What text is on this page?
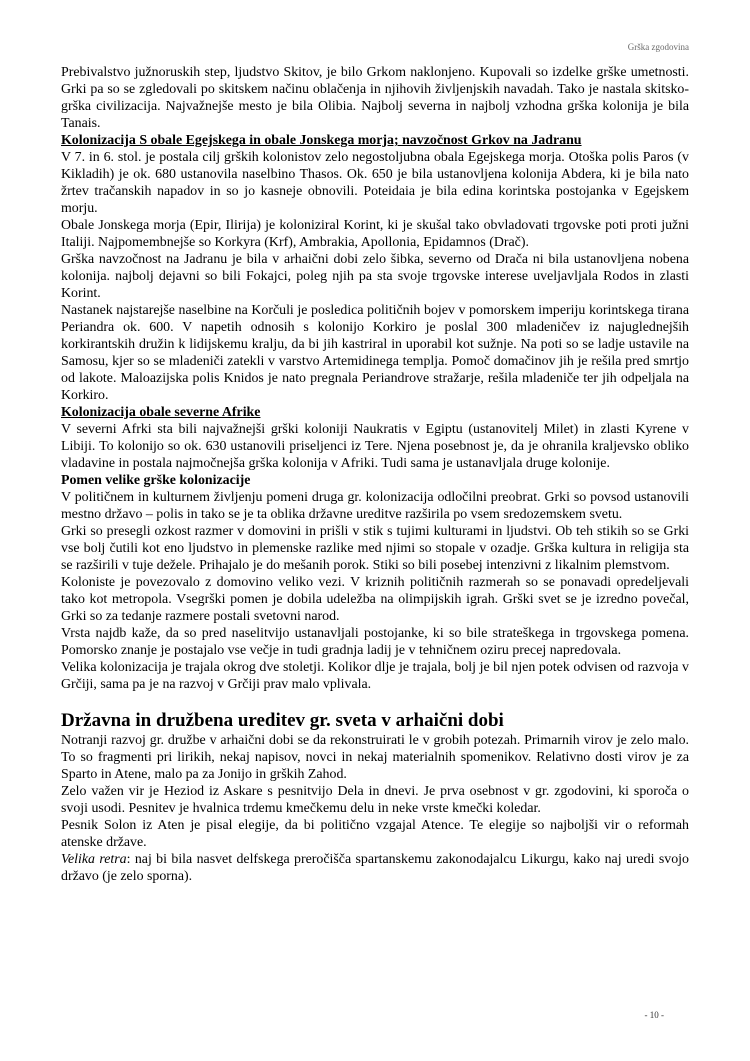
Grška zgodovina

Prebivalstvo južnoruskih step, ljudstvo Skitov, je bilo Grkom naklonjeno. Kupovali so izdelke grške umetnosti. Grki pa so se zgledovali po skitskem načinu oblačenja in njihovih življenjskih navadah. Tako je nastala skitsko-grška civilizacija. Najvažnejše mesto je bila Olibia. Najbolj severna in najbolj vzhodna grška kolonija je bila Tanais.

Kolonizacija S obale Egejskega in obale Jonskega morja; navzočnost Grkov na Jadranu

V 7. in 6. stol. je postala cilj grških kolonistov zelo negostoljubna obala Egejskega morja. Otoška polis Paros (v Kikladih) je ok. 680 ustanovila naselbino Thasos. Ok. 650 je bila ustanovljena kolonija Abdera, ki je bila nato žrtev tračanskih napadov in so jo kasneje obnovili. Poteidaia je bila edina korintska postojanka v Egejskem morju.

Obale Jonskega morja (Epir, Ilirija) je koloniziral Korint, ki je skušal tako obvladovati trgovske poti proti južni Italiji. Najpomembnejše so Korkyra (Krf), Ambrakia, Apollonia, Epidamnos (Drač).

Grška navzočnost na Jadranu je bila v arhaični dobi zelo šibka, severno od Drača ni bila ustanovljena nobena kolonija. najbolj dejavni so bili Fokajci, poleg njih pa sta svoje trgovske interese uveljavljala Rodos in zlasti Korint.

Nastanek najstarejše naselbine na Korčuli je posledica političnih bojev v pomorskem imperiju korintskega tirana Periandra ok. 600. V napetih odnosih s kolonijo Korkiro je poslal 300 mladeničev iz najuglednejših korkirantskih družin k lidijskemu kralju, da bi jih kastriral in uporabil kot sužnje. Na poti so se ladje ustavile na Samosu, kjer so se mladeniči zatekli v varstvo Artemidinega templja. Pomoč domačinov jih je rešila pred smrtjo od lakote. Maloazijska polis Knidos je nato pregnala Periandrove stražarje, rešila mladeniče ter jih odpeljala na Korkiro.

Kolonizacija obale severne Afrike

V severni Afrki sta bili najvažnejši grški koloniji Naukratis v Egiptu (ustanovitelj Milet) in zlasti Kyrene v Libiji. To kolonijo so ok. 630 ustanovili priseljenci iz Tere. Njena posebnost je, da je ohranila kraljevsko obliko vladavine in postala najmočnejša grška kolonija v Afriki. Tudi sama je ustanavljala druge kolonije.

Pomen velike grške kolonizacije

V političnem in kulturnem življenju pomeni druga gr. kolonizacija odločilni preobrat. Grki so povsod ustanovili mestno državo – polis in tako se je ta oblika državne ureditve razširila po vsem sredozemskem svetu.

Grki so presegli ozkost razmer v domovini in prišli v stik s tujimi kulturami in ljudstvi. Ob teh stikih so se Grki vse bolj čutili kot eno ljudstvo in plemenske razlike med njimi so stopale v ozadje. Grška kultura in religija sta se razširili v tuje dežele. Prihajalo je do mešanih porok. Stiki so bili posebej intenzivni z likalnim plemstvom.

Koloniste je povezovalo z domovino veliko vezi. V kriznih političnih razmerah so se ponavadi opredeljevali tako kot metropola. Vsegrški pomen je dobila udeležba na olimpijskih igrah. Grški svet se je izredno povečal, Grki so za tedanje razmere postali svetovni narod.

Vrsta najdb kaže, da so pred naselitvijo ustanavljali postojanke, ki so bile strateškega in trgovskega pomena. Pomorsko znanje je postajalo vse večje in tudi gradnja ladij je v tehničnem oziru precej napredovala.

Velika kolonizacija je trajala okrog dve stoletji. Kolikor dlje je trajala, bolj je bil njen potek odvisen od razvoja v Grčiji, sama pa je na razvoj v Grčiji prav malo vplivala.

Državna in družbena ureditev gr. sveta v arhaični dobi

Notranji razvoj gr. družbe v arhaični dobi se da rekonstruirati le v grobih potezah. Primarnih virov je zelo malo. To so fragmenti pri lirikih, nekaj napisov, novci in nekaj materialnih spomenikov. Relativno dosti virov je za Sparto in Atene, malo pa za Jonijo in grških Zahod.

Zelo važen vir je Heziod iz Askare s pesnitvijo Dela in dnevi. Je prva osebnost v gr. zgodovini, ki sporoča o svoji usodi. Pesnitev je hvalnica trdemu kmečkemu delu in neke vrste kmečki koledar.

Pesnik Solon iz Aten je pisal elegije, da bi politično vzgajal Atence. Te elegije so najboljši vir o reformah atenske države.

Velika retra: naj bi bila nasvet delfskega preročišča spartanskemu zakonodajalcu Likurgu, kako naj uredi svojo državo (je zelo sporna).

- 10 -
